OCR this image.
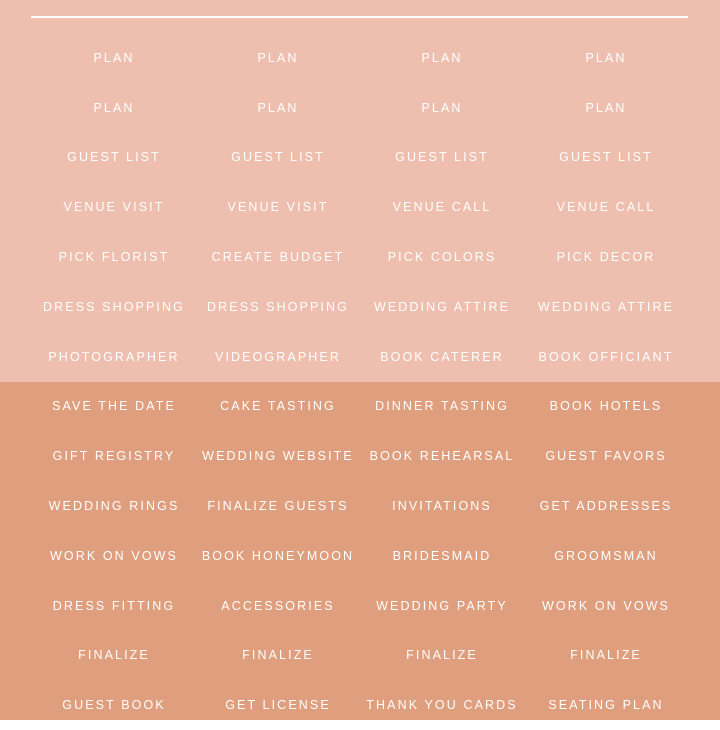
PLAN	PLAN	PLAN	PLAN
PLAN	PLAN	PLAN	PLAN
GUEST LIST	GUEST LIST	GUEST LIST	GUEST LIST
VENUE VISIT	VENUE VISIT	VENUE CALL	VENUE CALL
PICK FLORIST	CREATE BUDGET	PICK COLORS	PICK DECOR
DRESS SHOPPING	DRESS SHOPPING	WEDDING ATTIRE	WEDDING ATTIRE
PHOTOGRAPHER	VIDEOGRAPHER	BOOK CATERER	BOOK OFFICIANT
SAVE THE DATE	CAKE TASTING	DINNER TASTING	BOOK HOTELS
GIFT REGISTRY	WEDDING WEBSITE	BOOK REHEARSAL	GUEST FAVORS
WEDDING RINGS	FINALIZE GUESTS	INVITATIONS	GET ADDRESSES
WORK ON VOWS	BOOK HONEYMOON	BRIDESMAID	GROOMSMAN
DRESS FITTING	ACCESSORIES	WEDDING PARTY	WORK ON VOWS
FINALIZE	FINALIZE	FINALIZE	FINALIZE
GUEST BOOK	GET LICENSE	THANK YOU CARDS	SEATING PLAN
